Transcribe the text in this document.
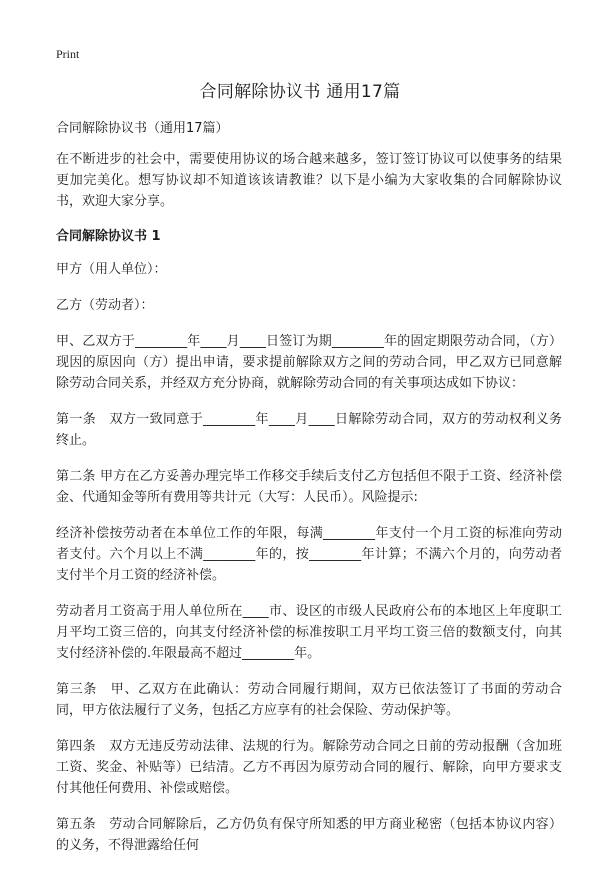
Print
合同解除协议书 通用17篇
合同解除协议书（通用17篇）

在不断进步的社会中，需要使用协议的场合越来越多，签订签订协议可以使事务的结果更加完美化。想写协议却不知道该该请教谁？以下是小编为大家收集的合同解除协议书，欢迎大家分享。

合同解除协议书 1

甲方（用人单位）：

乙方（劳动者）：

甲、乙双方于________年____月____日签订为期________年的固定期限劳动合同，（方）现因的原因向（方）提出申请，要求提前解除双方之间的劳动合同，甲乙双方已同意解除劳动合同关系，并经双方充分协商，就解除劳动合同的有关事项达成如下协议：

第一条　双方一致同意于________年____月____日解除劳动合同，双方的劳动权利义务终止。

第二条 甲方在乙方妥善办理完毕工作移交手续后支付乙方包括但不限于工资、经济补偿金、代通知金等所有费用等共计元（大写：人民币）。风险提示:

经济补偿按劳动者在本单位工作的年限，每满________年支付一个月工资的标准向劳动者支付。六个月以上不满________年的，按________年计算；不满六个月的，向劳动者支付半个月工资的经济补偿。

劳动者月工资高于用人单位所在____市、设区的市级人民政府公布的本地区上年度职工月平均工资三倍的，向其支付经济补偿的标准按职工月平均工资三倍的数额支付，向其支付经济补偿的.年限最高不超过________年。

第三条　甲、乙双方在此确认：劳动合同履行期间，双方已依法签订了书面的劳动合同，甲方依法履行了义务，包括乙方应享有的社会保险、劳动保护等。

第四条　双方无违反劳动法律、法规的行为。解除劳动合同之日前的劳动报酬（含加班工资、奖金、补贴等）已结清。乙方不再因为原劳动合同的履行、解除，向甲方要求支付其他任何费用、补偿或赔偿。

第五条　劳动合同解除后，乙方仍负有保守所知悉的甲方商业秘密（包括本协议内容）的义务，不得泄露给任何
